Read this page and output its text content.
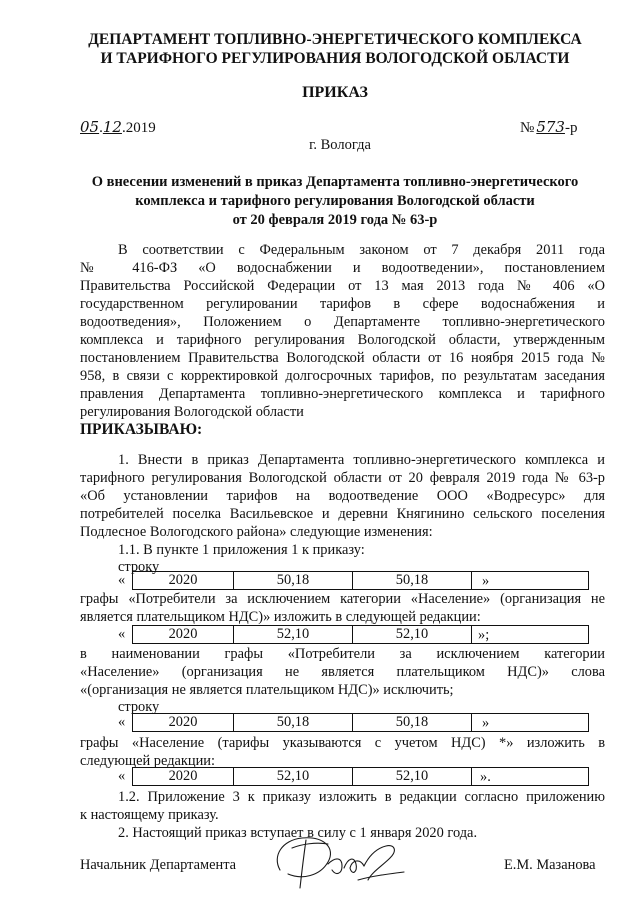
ДЕПАРТАМЕНТ ТОПЛИВНО-ЭНЕРГЕТИЧЕСКОГО КОМПЛЕКСА
И ТАРИФНОГО РЕГУЛИРОВАНИЯ ВОЛОГОДСКОЙ ОБЛАСТИ
ПРИКАЗ
05.12.2019	№ 573-р
г. Вологда
О внесении изменений в приказ Департамента топливно-энергетического
комплекса и тарифного регулирования Вологодской области
от 20 февраля 2019 года № 63-р
В соответствии с Федеральным законом от 7 декабря 2011 года
№ 416-ФЗ «О водоснабжении и водоотведении», постановлением
Правительства Российской Федерации от 13 мая 2013 года № 406 «О
государственном регулировании тарифов в сфере водоснабжения и
водоотведения», Положением о Департаменте топливно-энергетического
комплекса и тарифного регулирования Вологодской области, утвержденным
постановлением Правительства Вологодской области от 16 ноября 2015 года №
958, в связи с корректировкой долгосрочных тарифов, по результатам заседания
правления Департамента топливно-энергетического комплекса и тарифного
регулирования Вологодской области
ПРИКАЗЫВАЮ:
1. Внести в приказ Департамента топливно-энергетического комплекса и
тарифного регулирования Вологодской области от 20 февраля 2019 года № 63-р
«Об установлении тарифов на водоотведение ООО «Водресурс» для
потребителей поселка Васильевское и деревни Княгинино сельского поселения
Подлесное Вологодского района» следующие изменения:
1.1. В пункте 1 приложения 1 к приказу:
строку
«	2020	50,18	50,18	»
графы «Потребители за исключением категории «Население» (организация не
является плательщиком НДС)» изложить в следующей редакции:
«	2020	52,10	52,10	»;
в наименовании графы «Потребители за исключением категории
«Население» (организация не является плательщиком НДС)» слова
«(организация не является плательщиком НДС)» исключить;
строку
«	2020	50,18	50,18	»
графы «Население (тарифы указываются с учетом НДС) *» изложить в
следующей редакции:
«	2020	52,10	52,10	».
1.2. Приложение 3 к приказу изложить в редакции согласно приложению
к настоящему приказу.
2. Настоящий приказ вступает в силу с 1 января 2020 года.
Начальник Департамента	Е.М. Мазанова
